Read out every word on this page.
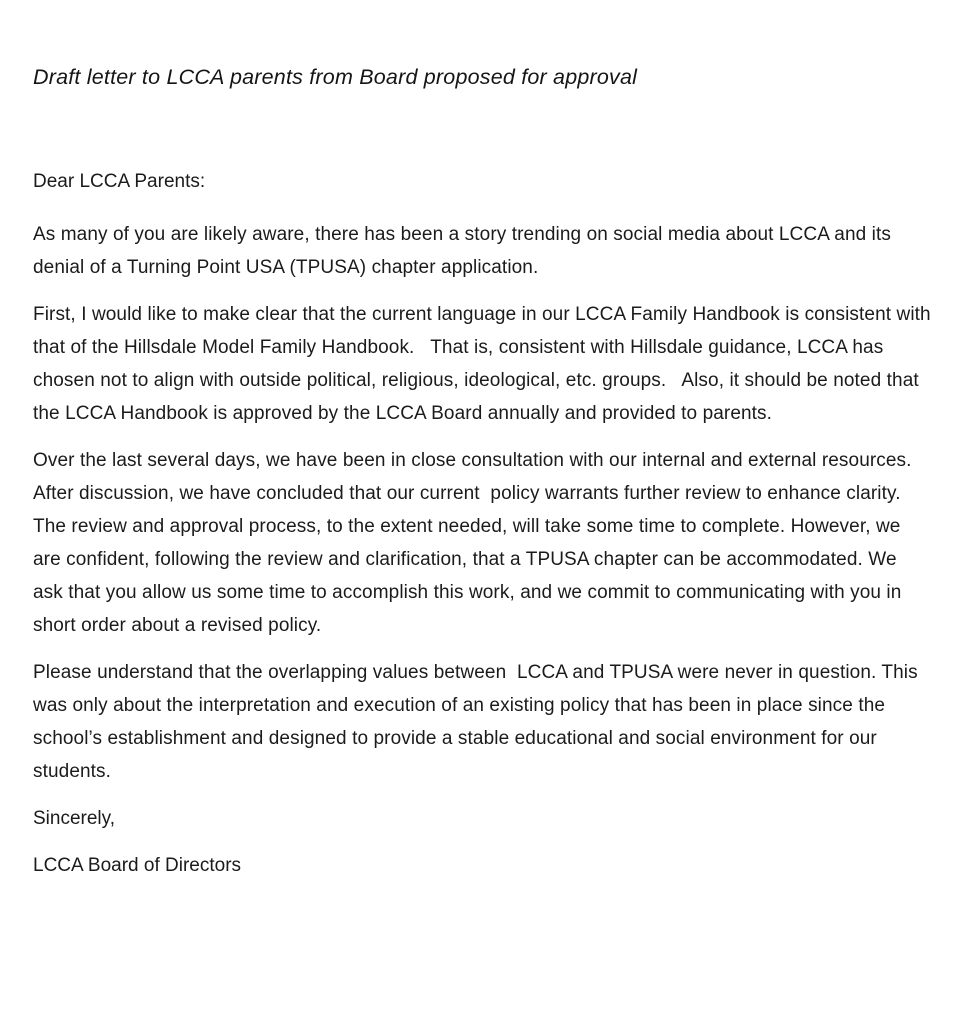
Draft letter to LCCA parents from Board proposed for approval

Dear LCCA Parents:

As many of you are likely aware, there has been a story trending on social media about LCCA and its denial of a Turning Point USA (TPUSA) chapter application.

First, I would like to make clear that the current language in our LCCA Family Handbook is consistent with that of the Hillsdale Model Family Handbook.   That is, consistent with Hillsdale guidance, LCCA has chosen not to align with outside political, religious, ideological, etc. groups.   Also, it should be noted that the LCCA Handbook is approved by the LCCA Board annually and provided to parents.

Over the last several days, we have been in close consultation with our internal and external resources. After discussion, we have concluded that our current  policy warrants further review to enhance clarity. The review and approval process, to the extent needed, will take some time to complete. However, we are confident, following the review and clarification, that a TPUSA chapter can be accommodated. We ask that you allow us some time to accomplish this work, and we commit to communicating with you in short order about a revised policy.

Please understand that the overlapping values between  LCCA and TPUSA were never in question. This was only about the interpretation and execution of an existing policy that has been in place since the school’s establishment and designed to provide a stable educational and social environment for our students.

Sincerely,

LCCA Board of Directors
